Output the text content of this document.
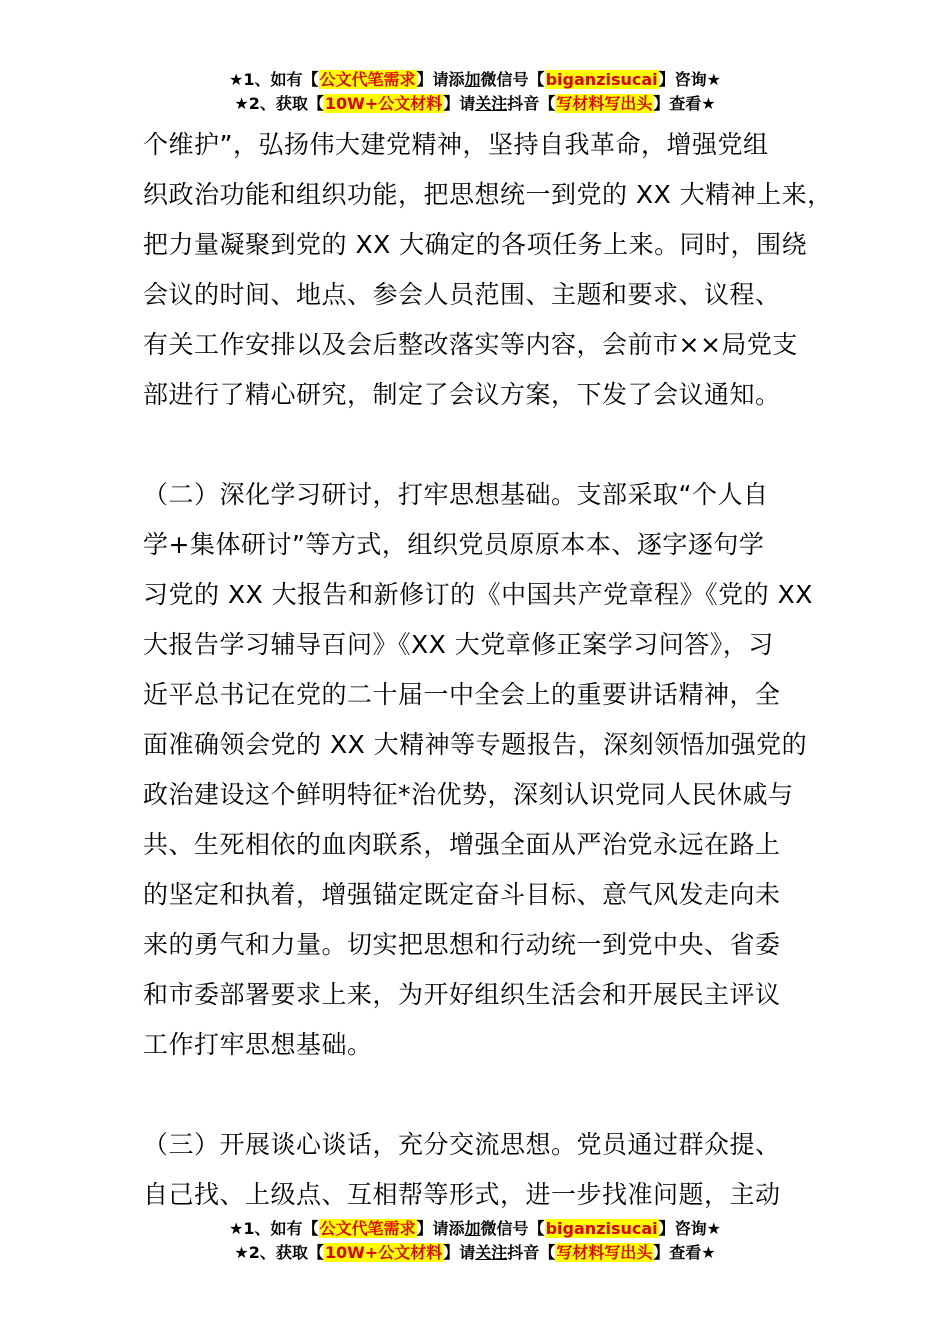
★1、如有【公文代笔需求】请添加微信号【biganzisucai】咨询★
★2、获取【10W+公文材料】请关注抖音【写材料写出头】查看★
个维护”，弘扬伟大建党精神，坚持自我革命，增强党组
织政治功能和组织功能，把思想统一到党的 XX 大精神上来，
把力量凝聚到党的 XX 大确定的各项任务上来。同时，围绕
会议的时间、地点、参会人员范围、主题和要求、议程、
有关工作安排以及会后整改落实等内容，会前市××局党支
部进行了精心研究，制定了会议方案，下发了会议通知。
（二）深化学习研讨，打牢思想基础。支部采取“个人自
学+集体研讨”等方式，组织党员原原本本、逐字逐句学
习党的 XX 大报告和新修订的《中国共产党章程》《党的 XX
大报告学习辅导百问》《XX 大党章修正案学习问答》，习
近平总书记在党的二十届一中全会上的重要讲话精神，全
面准确领会党的 XX 大精神等专题报告，深刻领悟加强党的
政治建设这个鲜明特征*治优势，深刻认识党同人民休戚与
共、生死相依的血肉联系，增强全面从严治党永远在路上
的坚定和执着，增强锚定既定奋斗目标、意气风发走向未
来的勇气和力量。切实把思想和行动统一到党中央、省委
和市委部署要求上来，为开好组织生活会和开展民主评议
工作打牢思想基础。
（三）开展谈心谈话，充分交流思想。党员通过群众提、
自己找、上级点、互相帮等形式，进一步找准问题，主动
★1、如有【公文代笔需求】请添加微信号【biganzisucai】咨询★
★2、获取【10W+公文材料】请关注抖音【写材料写出头】查看★
